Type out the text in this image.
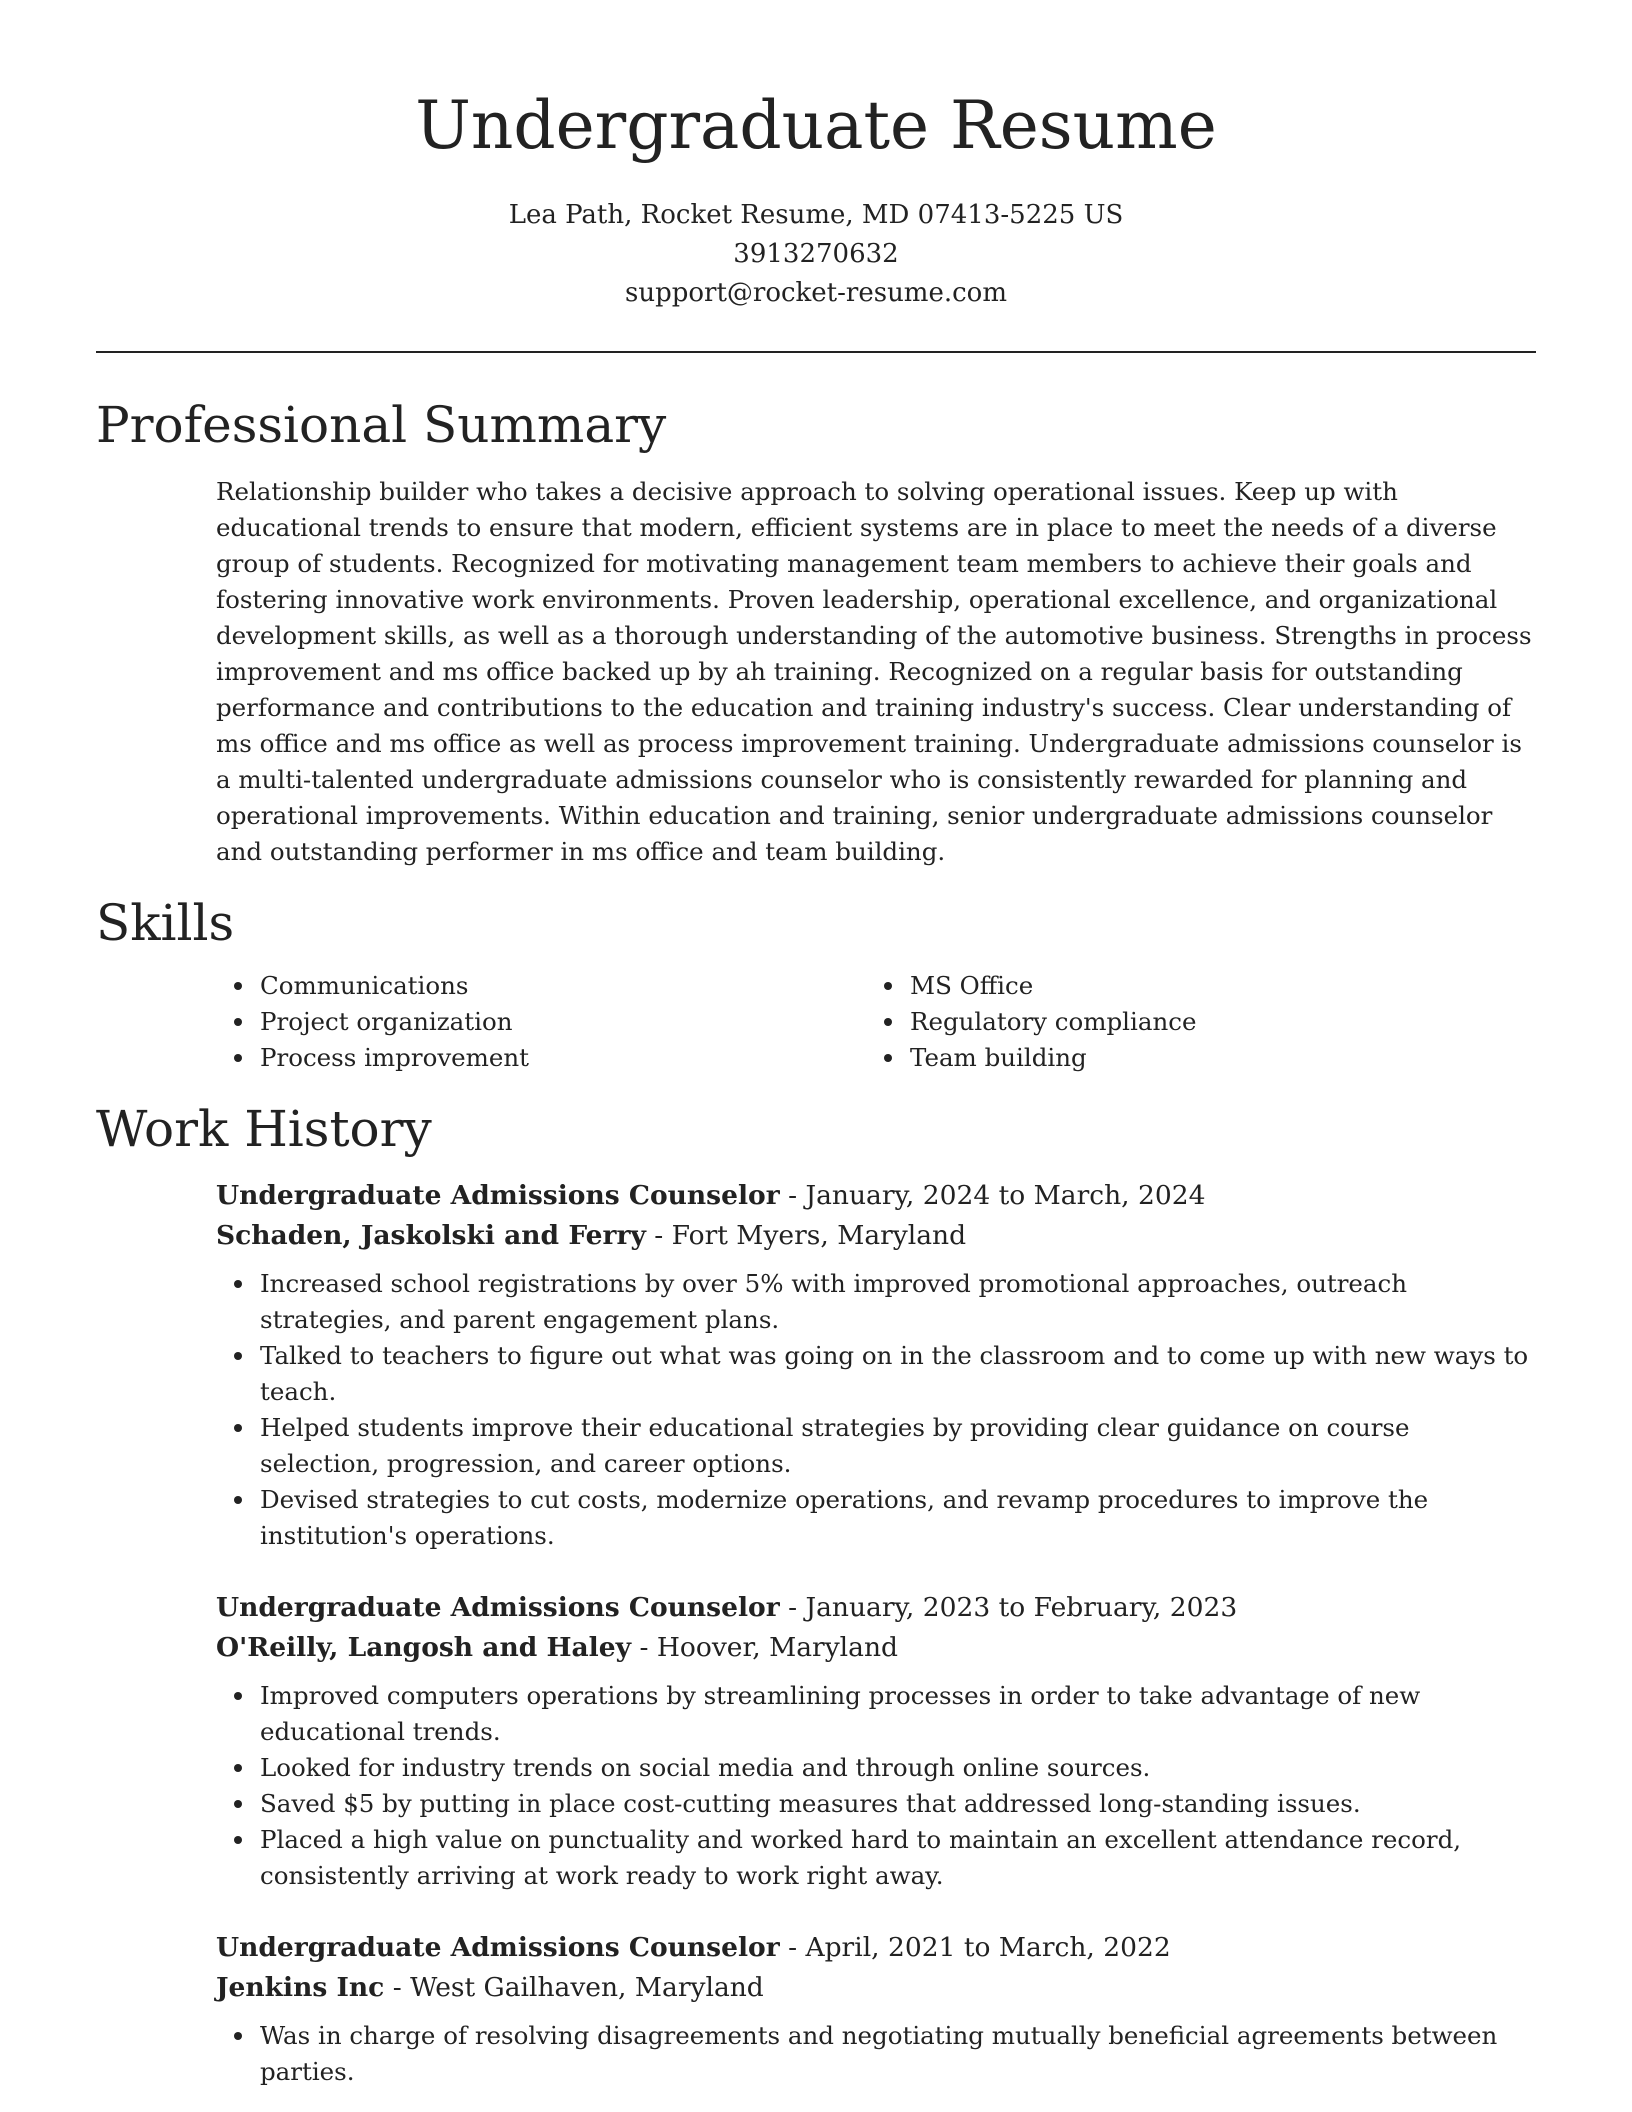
Undergraduate Resume

Lea Path, Rocket Resume, MD 07413-5225 US

3913270632

support@rocket-resume.com

Professional Summary

Relationship builder who takes a decisive approach to solving operational issues. Keep up with educational trends to ensure that modern, efficient systems are in place to meet the needs of a diverse group of students. Recognized for motivating management team members to achieve their goals and fostering innovative work environments. Proven leadership, operational excellence, and organizational development skills, as well as a thorough understanding of the automotive business. Strengths in process improvement and ms office backed up by ah training. Recognized on a regular basis for outstanding performance and contributions to the education and training industry's success. Clear understanding of ms office and ms office as well as process improvement training. Undergraduate admissions counselor is a multi-talented undergraduate admissions counselor who is consistently rewarded for planning and operational improvements. Within education and training, senior undergraduate admissions counselor and outstanding performer in ms office and team building.

Skills
Communications
Project organization
Process improvement
MS Office
Regulatory compliance
Team building
Work History

Undergraduate Admissions Counselor - January, 2024 to March, 2024

Schaden, Jaskolski and Ferry - Fort Myers, Maryland

Increased school registrations by over 5% with improved promotional approaches, outreach strategies, and parent engagement plans.
Talked to teachers to figure out what was going on in the classroom and to come up with new ways to teach.
Helped students improve their educational strategies by providing clear guidance on course selection, progression, and career options.
Devised strategies to cut costs, modernize operations, and revamp procedures to improve the institution's operations.

Undergraduate Admissions Counselor - January, 2023 to February, 2023

O'Reilly, Langosh and Haley - Hoover, Maryland

Improved computers operations by streamlining processes in order to take advantage of new educational trends.
Looked for industry trends on social media and through online sources.
Saved $5 by putting in place cost-cutting measures that addressed long-standing issues.
Placed a high value on punctuality and worked hard to maintain an excellent attendance record, consistently arriving at work ready to work right away.

Undergraduate Admissions Counselor - April, 2021 to March, 2022

Jenkins Inc - West Gailhaven, Maryland

Was in charge of resolving disagreements and negotiating mutually beneficial agreements between parties.
